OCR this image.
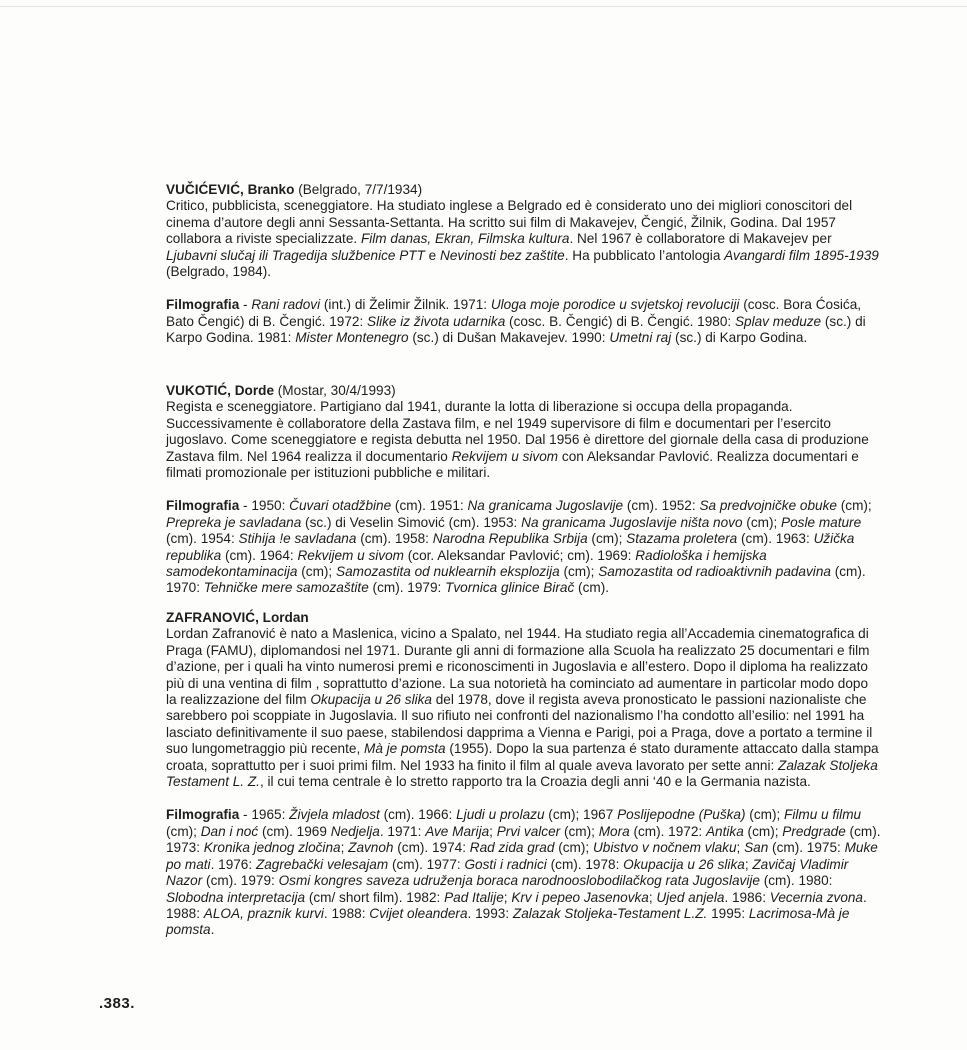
VUČIĆEVIĆ, Branko (Belgrado, 7/7/1934)

Critico, pubblicista, sceneggiatore. Ha studiato inglese a Belgrado ed è considerato uno dei migliori conoscitori del cinema d’autore degli anni Sessanta-Settanta. Ha scritto sui film di Makavejev, Čengić, Žilnik, Godina. Dal 1957 collabora a riviste specializzate. Film danas, Ekran, Filmska kultura. Nel 1967 è collaboratore di Makavejev per Ljubavni slučaj ili Tragedija službenice PTT e Nevinosti bez zaštite. Ha pubblicato l’antologia Avangardi film 1895-1939 (Belgrado, 1984).

Filmografia - Rani radovi (int.) di Želimir Žilnik. 1971: Uloga moje porodice u svjetskoj revoluciji (cosc. Bora Ćosića, Bato Čengić) di B. Čengić. 1972: Slike iz života udarnika (cosc. B. Čengić) di B. Čengić. 1980: Splav meduze (sc.) di Karpo Godina. 1981: Mister Montenegro (sc.) di Dušan Makavejev. 1990: Umetni raj (sc.) di Karpo Godina.

VUKOTIĆ, Dorde (Mostar, 30/4/1993)

Regista e sceneggiatore. Partigiano dal 1941, durante la lotta di liberazione si occupa della propaganda. Successivamente è collaboratore della Zastava film, e nel 1949 supervisore di film e documentari per l’esercito jugoslavo. Come sceneggiatore e regista debutta nel 1950. Dal 1956 è direttore del giornale della casa di produzione Zastava film. Nel 1964 realizza il documentario Rekvijem u sivom con Aleksandar Pavlović. Realizza documentari e filmati promozionale per istituzioni pubbliche e militari.

Filmografia - 1950: Čuvari otadžbine (cm). 1951: Na granicama Jugoslavije (cm). 1952: Sa predvojničke obuke (cm); Prepreka je savladana (sc.) di Veselin Simović (cm). 1953: Na granicama Jugoslavije ništa novo (cm); Posle mature (cm). 1954: Stihija !e savladana (cm). 1958: Narodna Republika Srbija (cm); Stazama proletera (cm). 1963: Užička republika (cm). 1964: Rekvijem u sivom (cor. Aleksandar Pavlović; cm). 1969: Radiološka i hemijska samodekontaminacija (cm); Samozastita od nuklearnih eksplozija (cm); Samozastita od radioaktivnih padavina (cm). 1970: Tehničke mere samozaštite (cm). 1979: Tvornica glinice Birač (cm).

ZAFRANOVIĆ, Lordan

Lordan Zafranović è nato a Maslenica, vicino a Spalato, nel 1944. Ha studiato regia all’Accademia cinematografica di Praga (FAMU), diplomandosi nel 1971. Durante gli anni di formazione alla Scuola ha realizzato 25 documentari e film d’azione, per i quali ha vinto numerosi premi e riconoscimenti in Jugoslavia e all’estero. Dopo il diploma ha realizzato più di una ventina di film , soprattutto d’azione. La sua notorietà ha cominciato ad aumentare in particolar modo dopo la realizzazione del film Okupacija u 26 slika del 1978, dove il regista aveva pronosticato le passioni nazionaliste che sarebbero poi scoppiate in Jugoslavia. Il suo rifiuto nei confronti del nazionalismo l’ha condotto all’esilio: nel 1991 ha lasciato definitivamente il suo paese, stabilendosi dapprima a Vienna e Parigi, poi a Praga, dove a portato a termine il suo lungometraggio più recente, Mà je pomsta (1955). Dopo la sua partenza é stato duramente attaccato dalla stampa croata, soprattutto per i suoi primi film. Nel 1933 ha finito il film al quale aveva lavorato per sette anni: Zalazak Stoljeka Testament L. Z., il cui tema centrale è lo stretto rapporto tra la Croazia degli anni ‘40 e la Germania nazista.

Filmografia - 1965: Živjela mladost (cm). 1966: Ljudi u prolazu (cm); 1967 Poslijepodne (Puška) (cm); Filmu u filmu (cm); Dan i noć (cm). 1969 Nedjelja. 1971: Ave Marija; Prvi valcer (cm); Mora (cm). 1972: Antika (cm); Predgrade (cm). 1973: Kronika jednog zločina; Zavnoh (cm). 1974: Rad zida grad (cm); Ubistvo v nočnem vlaku; San (cm). 1975: Muke po mati. 1976: Zagrebački velesajam (cm). 1977: Gosti i radnici (cm). 1978: Okupacija u 26 slika; Zavičaj Vladimir Nazor (cm). 1979: Osmi kongres saveza udruženja boraca narodnooslobodilačkog rata Jugoslavije (cm). 1980: Slobodna interpretacija (cm/ short film). 1982: Pad Italije; Krv i pepeo Jasenovka; Ujed anjela. 1986: Vecernia zvona. 1988: ALOA, praznik kurvi. 1988: Cvijet oleandera. 1993: Zalazak Stoljeka-Testament L.Z. 1995: Lacrimosa-Mà je pomsta.

.383.
